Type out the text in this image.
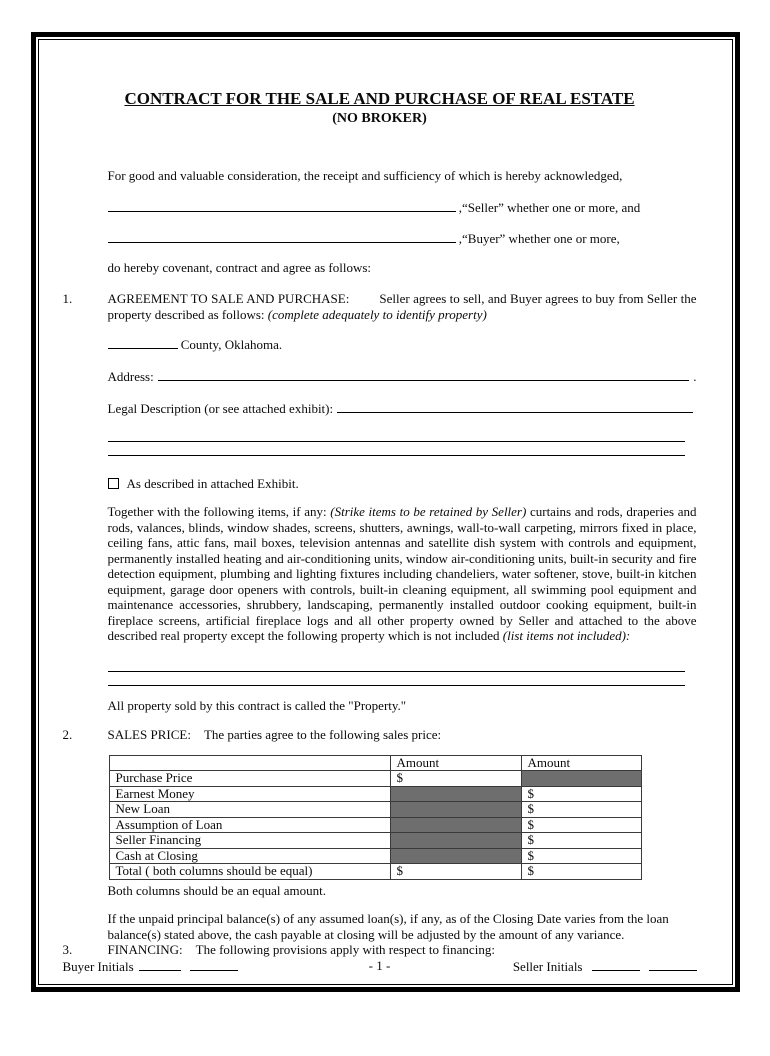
CONTRACT FOR THE SALE AND PURCHASE OF REAL ESTATE
(NO BROKER)

For good and valuable consideration, the receipt and sufficiency of which is hereby acknowledged,

,“Seller” whether one or more, and
,“Buyer” whether one or more,

do hereby covenant, contract and agree as follows:

1.	AGREEMENT TO SALE AND PURCHASE: Seller agrees to sell, and Buyer agrees to buy from Seller the property described as follows: (complete adequately to identify property)

County, Oklahoma.
Address:	.
Legal Description (or see attached exhibit):
As described in attached Exhibit.

Together with the following items, if any: (Strike items to be retained by Seller) curtains and rods, draperies and rods, valances, blinds, window shades, screens, shutters, awnings, wall-to-wall carpeting, mirrors fixed in place, ceiling fans, attic fans, mail boxes, television antennas and satellite dish system with controls and equipment, permanently installed heating and air-conditioning units, window air-conditioning units, built-in security and fire detection equipment, plumbing and lighting fixtures including chandeliers, water softener, stove, built-in kitchen equipment, garage door openers with controls, built-in cleaning equipment, all swimming pool equipment and maintenance accessories, shrubbery, landscaping, permanently installed outdoor cooking equipment, built-in fireplace screens, artificial fireplace logs and all other property owned by Seller and attached to the above described real property except the following property which is not included (list items not included):

All property sold by this contract is called the "Property."

2.	SALES PRICE: The parties agree to the following sales price:

	Amount	Amount
Purchase Price	$	
Earnest Money		$
New Loan		$
Assumption of Loan		$
Seller Financing		$
Cash at Closing		$
Total ( both columns should be equal)	$	$

Both columns should be an equal amount.

If the unpaid principal balance(s) of any assumed loan(s), if any, as of the Closing Date varies from the loan balance(s) stated above, the cash payable at closing will be adjusted by the amount of any variance.

3.	FINANCING: The following provisions apply with respect to financing:

Buyer Initials	- 1 -	Seller Initials
